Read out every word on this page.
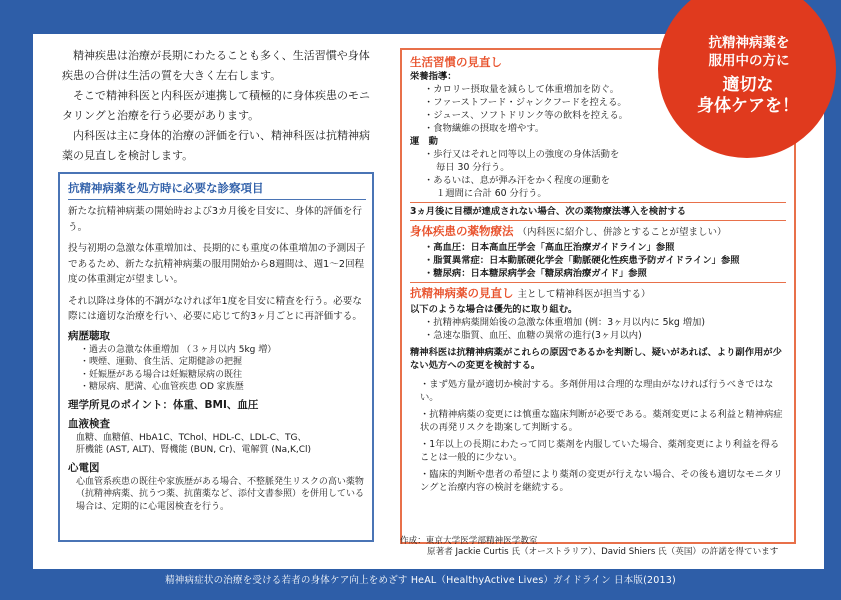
精神疾患は治療が長期にわたることも多く、生活習慣や身体疾患の合併は生活の質を大きく左右します。

そこで精神科医と内科医が連携して積極的に身体疾患のモニタリングと治療を行う必要があります。

内科医は主に身体的治療の評価を行い、精神科医は抗精神病薬の見直しを検討します。

抗精神病薬を処方時に必要な診察項目

新たな抗精神病薬の開始時および3カ月後を目安に、身体的評価を行う。

投与初期の急激な体重増加は、長期的にも重度の体重増加の予測因子であるため、新たな抗精神病薬の服用開始から8週間は、週1～2回程度の体重測定が望ましい。

それ以降は身体的不調がなければ年1度を目安に精査を行う。必要な際には適切な治療を行い、必要に応じて約3ヶ月ごとに再評価する。

病歴聴取

・過去の急激な体重増加 （３ヶ月以内 5kg 増）

・喫煙、運動、食生活、定期健診の把握

・妊娠歴がある場合は妊娠糖尿病の既往

・糖尿病、肥満、心血管疾患 OD 家族歴

理学所見のポイント：体重、BMI、血圧

血液検査

血糖、血糖値、HbA1C、TChol、HDL-C、LDL-C、TG、

肝機能 (AST, ALT)、腎機能 (BUN, Cr)、電解質 (Na,K,Cl)

心電図

心血管系疾患の既往や家族歴がある場合、不整脈発生リスクの高い薬物（抗精神病薬、抗うつ薬、抗菌薬など、添付文書参照）を併用している場合は、定期的に心電図検査を行う。

生活習慣の見直し

栄養指導：

・カロリー摂取量を減らして体重増加を防ぐ。

・ファーストフード・ジャンクフードを控える。

・ジュース、ソフトドリンク等の飲料を控える。

・食物繊維の摂取を増やす。

運　動

・歩行又はそれと同等以上の強度の身体活動を

毎日 30 分行う。

・あるいは、息が弾み汗をかく程度の運動を

１週間に合計 60 分行う。

3ヵ月後に目標が達成されない場合、次の薬物療法導入を検討する

身体疾患の薬物療法 （内科医に紹介し、併診とすることが望ましい）

・高血圧：日本高血圧学会「高血圧治療ガイドライン」参照

・脂質異常症：日本動脈硬化学会「動脈硬化性疾患予防ガイドライン」参照

・糖尿病：日本糖尿病学会「糖尿病治療ガイド」参照

抗精神病薬の見直し 主として精神科医が担当する）

以下のような場合は優先的に取り組む。

・抗精神病薬開始後の急激な体重増加 (例：3ヶ月以内に 5kg 増加)

・急速な脂質、血圧、血糖の異常の進行(3ヶ月以内)

精神科医は抗精神病薬がこれらの原因であるかを判断し、疑いがあれば、より副作用が少ない処方への変更を検討する。

・まず処方量が適切か検討する。多剤併用は合理的な理由がなければ行うべきではない。

・抗精神病薬の変更には慎重な臨床判断が必要である。薬剤変更による利益と精神病症状の再発リスクを勘案して判断する。

・1年以上の長期にわたって同じ薬剤を内服していた場合、薬剤変更により利益を得ることは一般的に少ない。

・臨床的判断や患者の希望により薬剤の変更が行えない場合、その後も適切なモニタリングと治療内容の検討を継続する。

作成：東京大学医学部精神医学教室
原著者 Jackie Curtis 氏（オーストラリア）、David Shiers 氏（英国）の許諾を得ています
抗精神病薬を
服用中の方に
適切な
身体ケアを！
精神病症状の治療を受ける若者の身体ケア向上をめざす HeAL（HealthyActive Lives）ガイドライン 日本版(2013)
